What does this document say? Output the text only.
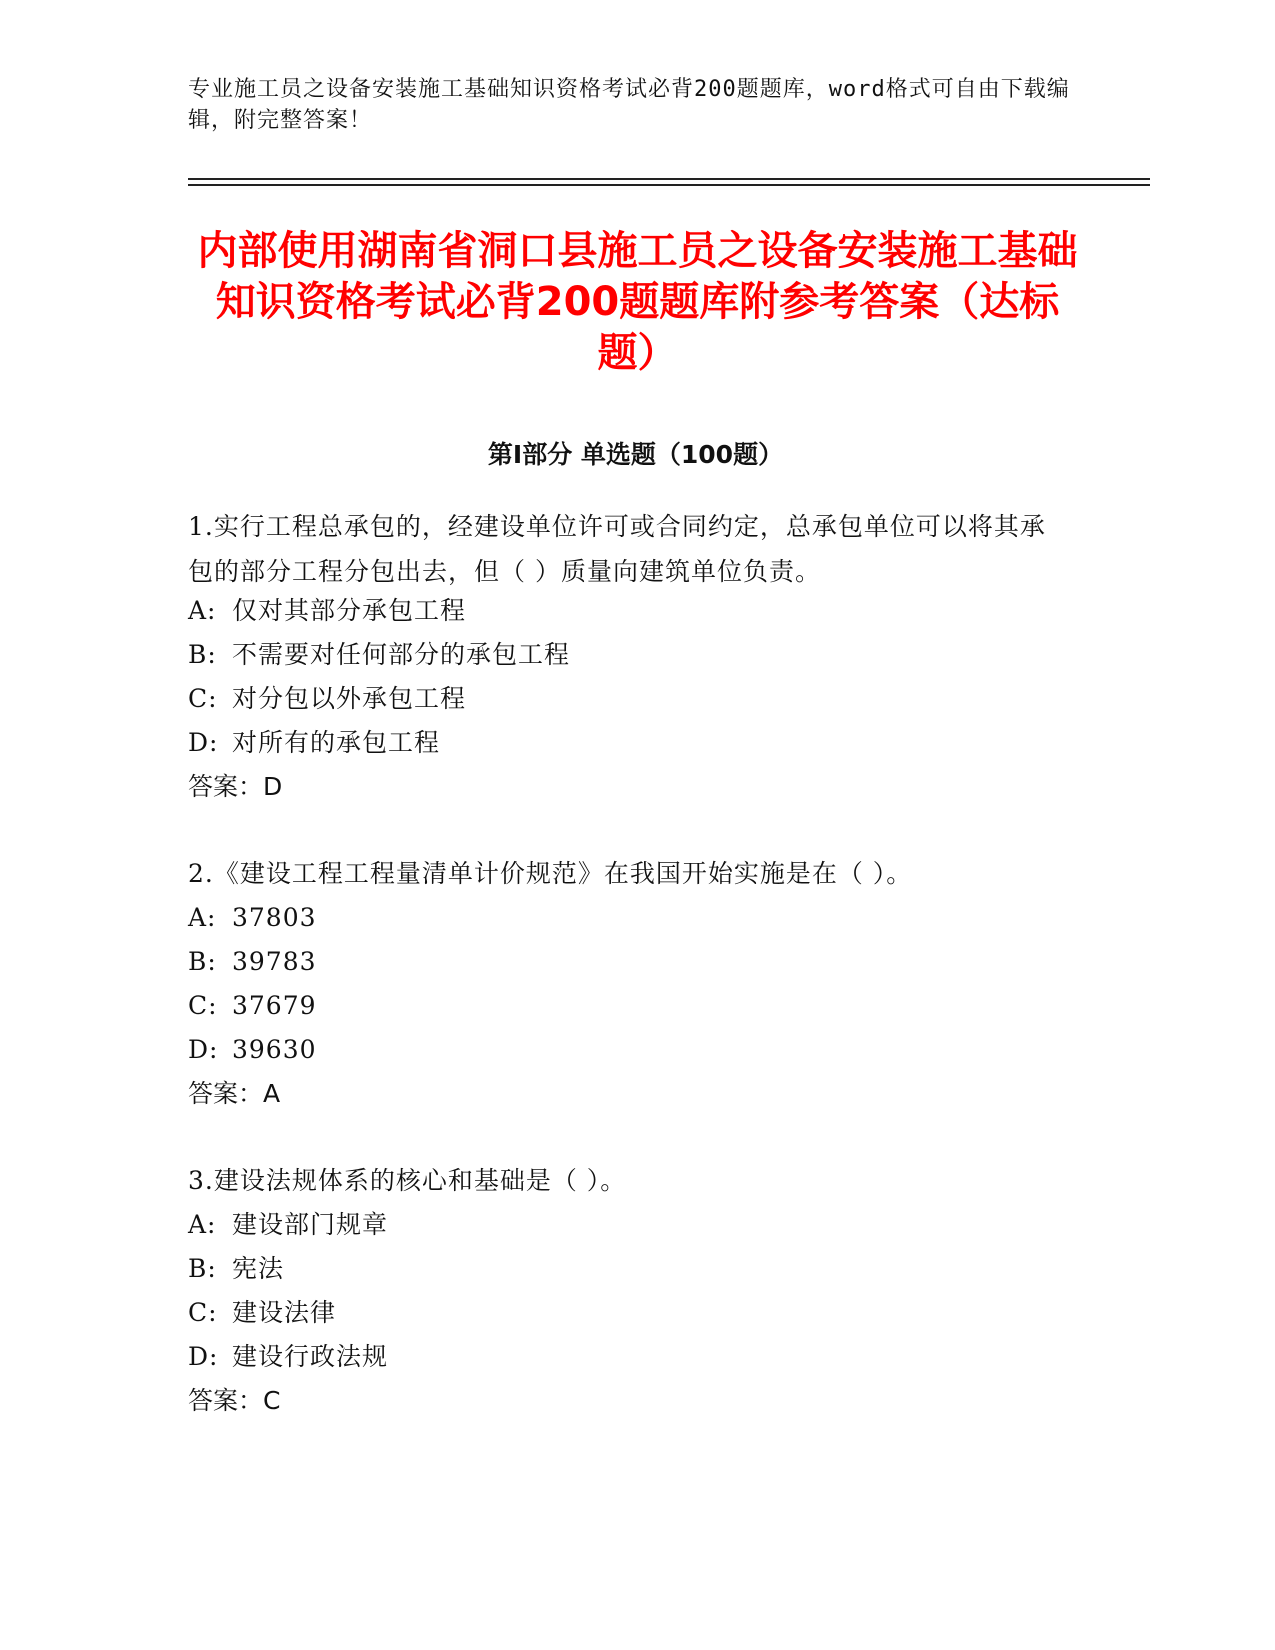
专业施工员之设备安装施工基础知识资格考试必背200题题库，word格式可自由下载编辑，附完整答案！
内部使用湖南省洞口县施工员之设备安装施工基础知识资格考试必背200题题库附参考答案（达标题）
第Ⅰ部分 单选题（100题）
1.实行工程总承包的，经建设单位许可或合同约定，总承包单位可以将其承包的部分工程分包出去，但（ ）质量向建筑单位负责。
A: 仅对其部分承包工程
B: 不需要对任何部分的承包工程
C: 对分包以外承包工程
D: 对所有的承包工程
答案：D
2.《建设工程工程量清单计价规范》在我国开始实施是在（ ）。
A: 37803
B: 39783
C: 37679
D: 39630
答案：A
3.建设法规体系的核心和基础是（ ）。
A: 建设部门规章
B: 宪法
C: 建设法律
D: 建设行政法规
答案：C
